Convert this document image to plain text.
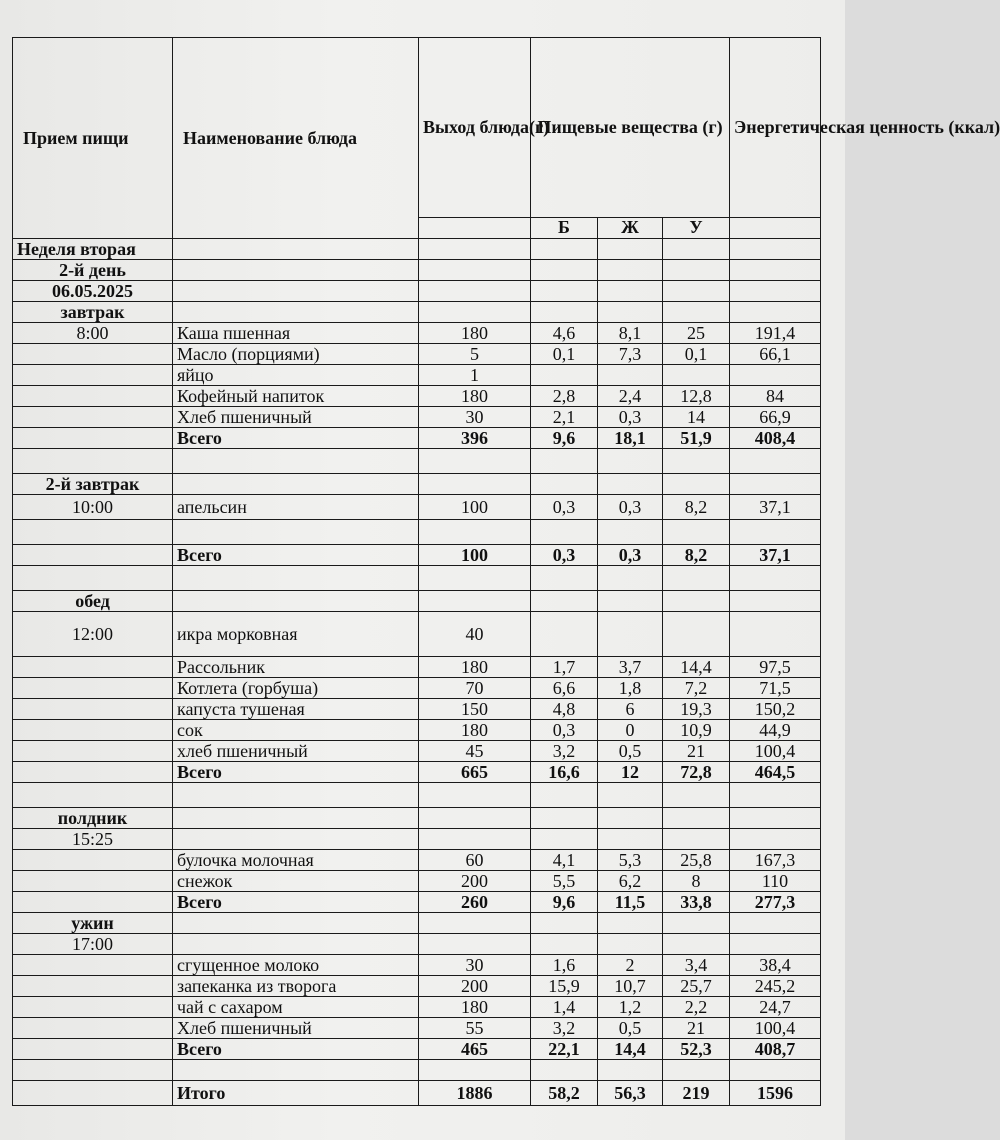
Прием пищи	Наименование блюда	Выход блюда(г)	Пищевые вещества (г)			Энергетическая ценность (ккал)
			Б	Ж	У	
Неделя вторая						
2-й день						
06.05.2025						
завтрак						
8:00	Каша пшенная	180	4,6	8,1	25	191,4
	Масло (порциями)	5	0,1	7,3	0,1	66,1
	яйцо	1				
	Кофейный напиток	180	2,8	2,4	12,8	84
	Хлеб пшеничный	30	2,1	0,3	14	66,9
	Всего	396	9,6	18,1	51,9	408,4

2-й завтрак						
10:00	апельсин	100	0,3	0,3	8,2	37,1

	Всего	100	0,3	0,3	8,2	37,1

обед						
12:00	икра морковная	40				
	Рассольник	180	1,7	3,7	14,4	97,5
	Котлета (горбуша)	70	6,6	1,8	7,2	71,5
	капуста тушеная	150	4,8	6	19,3	150,2
	сок	180	0,3	0	10,9	44,9
	хлеб пшеничный	45	3,2	0,5	21	100,4
	Всего	665	16,6	12	72,8	464,5

полдник						
15:25						
	булочка молочная	60	4,1	5,3	25,8	167,3
	снежок	200	5,5	6,2	8	110
	Всего	260	9,6	11,5	33,8	277,3
ужин						
17:00						
	сгущенное молоко	30	1,6	2	3,4	38,4
	запеканка из творога	200	15,9	10,7	25,7	245,2
	чай с сахаром	180	1,4	1,2	2,2	24,7
	Хлеб пшеничный	55	3,2	0,5	21	100,4
	Всего	465	22,1	14,4	52,3	408,7

	Итого	1886	58,2	56,3	219	1596
